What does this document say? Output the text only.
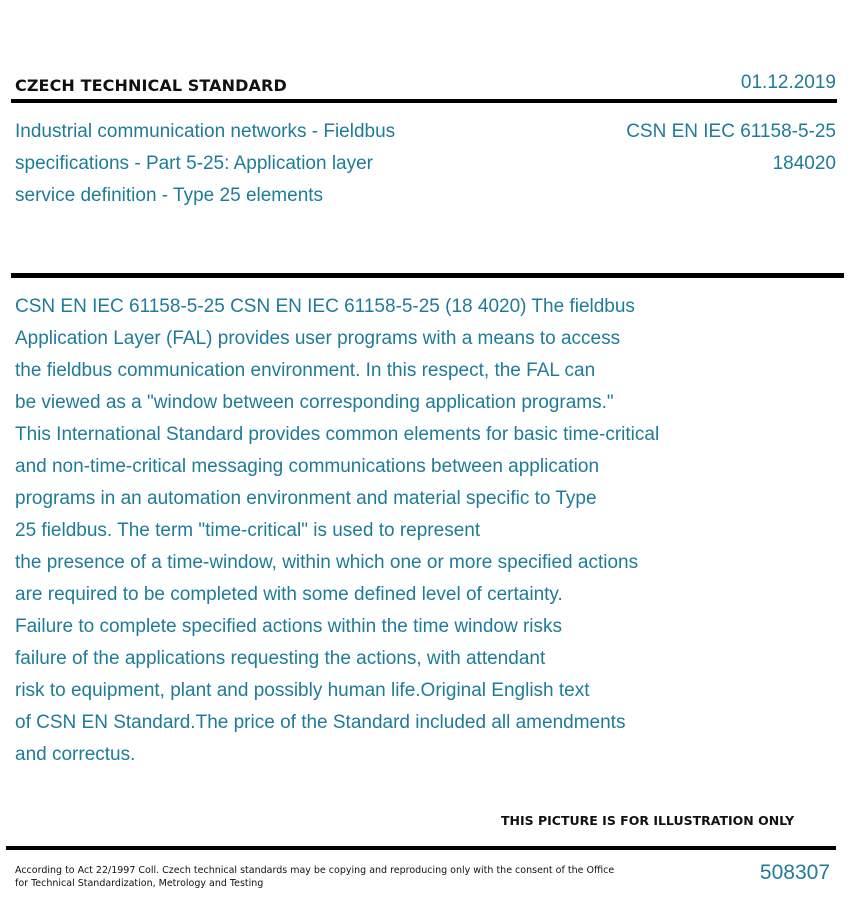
CZECH TECHNICAL STANDARD	01.12.2019
Industrial communication networks - Fieldbus
specifications - Part 5-25: Application layer
service definition - Type 25 elements
CSN EN IEC 61158-5-25
184020
CSN EN IEC 61158-5-25 CSN EN IEC 61158-5-25 (18 4020) The fieldbus
Application Layer (FAL) provides user programs with a means to access
the fieldbus communication environment. In this respect, the FAL can
be viewed as a "window between corresponding application programs."
This International Standard provides common elements for basic time-critical
and non-time-critical messaging communications between application
programs in an automation environment and material specific to Type
25 fieldbus. The term "time-critical" is used to represent
the presence of a time-window, within which one or more specified actions
are required to be completed with some defined level of certainty.
Failure to complete specified actions within the time window risks
failure of the applications requesting the actions, with attendant
risk to equipment, plant and possibly human life.Original English text
of CSN EN Standard.The price of the Standard included all amendments
and correctus.
THIS PICTURE IS FOR ILLUSTRATION ONLY
According to Act 22/1997 Coll. Czech technical standards may be copying and reproducing only with the consent of the Office
for Technical Standardization, Metrology and Testing	508307
